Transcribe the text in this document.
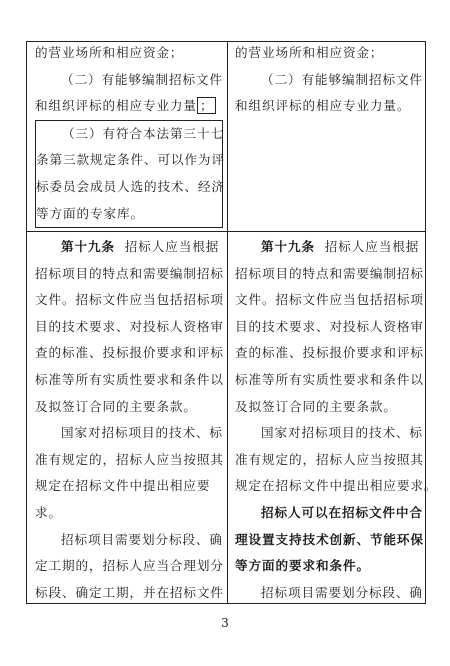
的营业场所和相应资金；

（二）有能够编制招标文件

和组织评标的相应专业力量 ；

（三）有符合本法第三十七

条第三款规定条件、可以作为评

标委员会成员人选的技术、经济

等方面的专家库。

的营业场所和相应资金；

（二）有能够编制招标文件

和组织评标的相应专业力量。

第十九条 招标人应当根据

招标项目的特点和需要编制招标

文件。招标文件应当包括招标项

目的技术要求、对投标人资格审

查的标准、投标报价要求和评标

标准等所有实质性要求和条件以

及拟签订合同的主要条款。

国家对招标项目的技术、标

准有规定的，招标人应当按照其

规定在招标文件中提出相应要

求。

招标项目需要划分标段、确

定工期的，招标人应当合理划分

标段、确定工期，并在招标文件

第十九条 招标人应当根据

招标项目的特点和需要编制招标

文件。招标文件应当包括招标项

目的技术要求、对投标人资格审

查的标准、投标报价要求和评标

标准等所有实质性要求和条件以

及拟签订合同的主要条款。

国家对招标项目的技术、标

准有规定的，招标人应当按照其

规定在招标文件中提出相应要求。

招标人可以在招标文件中合

理设置支持技术创新、节能环保

等方面的要求和条件。

招标项目需要划分标段、确

3
